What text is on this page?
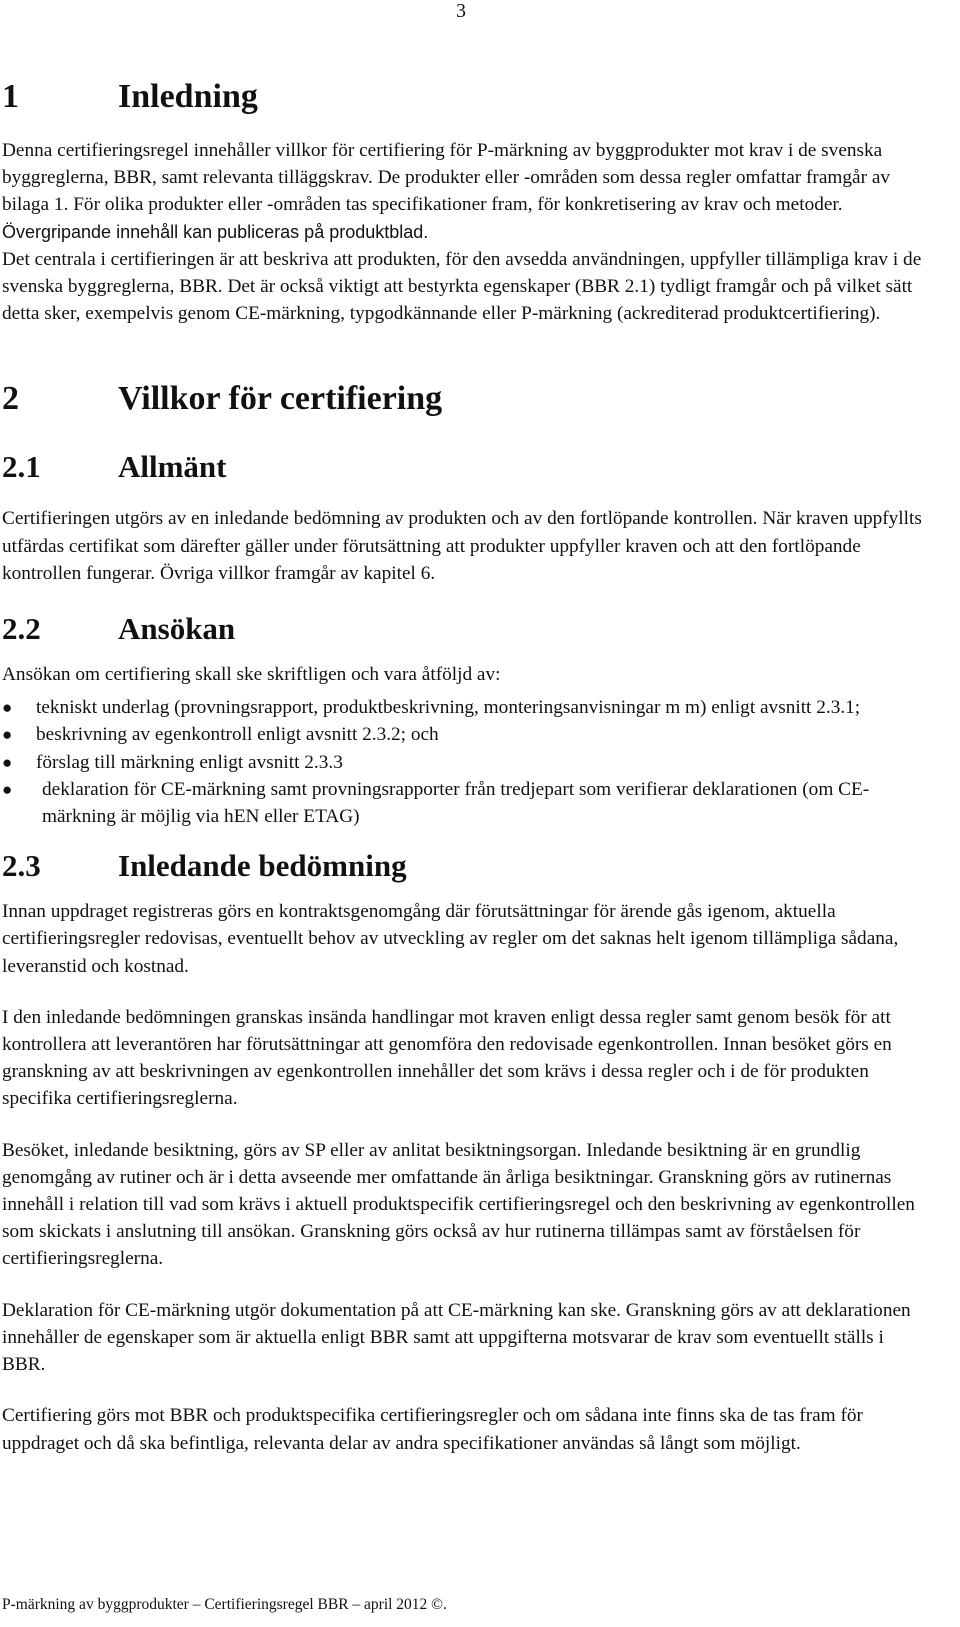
3
1	Inledning

Denna certifieringsregel innehåller villkor för certifiering för P-märkning av byggprodukter mot krav i de svenska byggreglerna, BBR, samt relevanta tilläggskrav. De produkter eller -områden som dessa regler omfattar framgår av bilaga 1. För olika produkter eller -områden tas specifikationer fram, för konkretisering av krav och metoder. Övergripande innehåll kan publiceras på produktblad.

Det centrala i certifieringen är att beskriva att produkten, för den avsedda användningen, uppfyller tillämpliga krav i de svenska byggreglerna, BBR. Det är också viktigt att bestyrkta egenskaper (BBR 2.1) tydligt framgår och på vilket sätt detta sker, exempelvis genom CE-märkning, typgodkännande eller P-märkning (ackrediterad produktcertifiering).

2	Villkor för certifiering
2.1	Allmänt

Certifieringen utgörs av en inledande bedömning av produkten och av den fortlöpande kontrollen. När kraven uppfyllts utfärdas certifikat som därefter gäller under förutsättning att produkter uppfyller kraven och att den fortlöpande kontrollen fungerar. Övriga villkor framgår av kapitel 6.

2.2	Ansökan

Ansökan om certifiering skall ske skriftligen och vara åtföljd av:

●	tekniskt underlag (provningsrapport, produktbeskrivning, monteringsanvisningar m m) enligt avsnitt 2.3.1;
●	beskrivning av egenkontroll enligt avsnitt 2.3.2; och
●	förslag till märkning enligt avsnitt 2.3.3
●	deklaration för CE-märkning samt provningsrapporter från tredjepart som verifierar deklarationen (om CE-märkning är möjlig via hEN eller ETAG)
2.3	Inledande bedömning

Innan uppdraget registreras görs en kontraktsgenomgång där förutsättningar för ärende gås igenom, aktuella certifieringsregler redovisas, eventuellt behov av utveckling av regler om det saknas helt igenom tillämpliga sådana, leveranstid och kostnad.

I den inledande bedömningen granskas insända handlingar mot kraven enligt dessa regler samt genom besök för att kontrollera att leverantören har förutsättningar att genomföra den redovisade egenkontrollen. Innan besöket görs en granskning av att beskrivningen av egenkontrollen innehåller det som krävs i dessa regler och i de för produkten specifika certifieringsreglerna.

Besöket, inledande besiktning, görs av SP eller av anlitat besiktningsorgan. Inledande besiktning är en grundlig genomgång av rutiner och är i detta avseende mer omfattande än årliga besiktningar. Granskning görs av rutinernas innehåll i relation till vad som krävs i aktuell produktspecifik certifieringsregel och den beskrivning av egenkontrollen som skickats i anslutning till ansökan. Granskning görs också av hur rutinerna tillämpas samt av förståelsen för certifieringsreglerna.

Deklaration för CE-märkning utgör dokumentation på att CE-märkning kan ske. Granskning görs av att deklarationen innehåller de egenskaper som är aktuella enligt BBR samt att uppgifterna motsvarar de krav som eventuellt ställs i BBR.

Certifiering görs mot BBR och produktspecifika certifieringsregler och om sådana inte finns ska de tas fram för uppdraget och då ska befintliga, relevanta delar av andra specifikationer användas så långt som möjligt.

P-märkning av byggprodukter – Certifieringsregel BBR – april 2012 ©.
